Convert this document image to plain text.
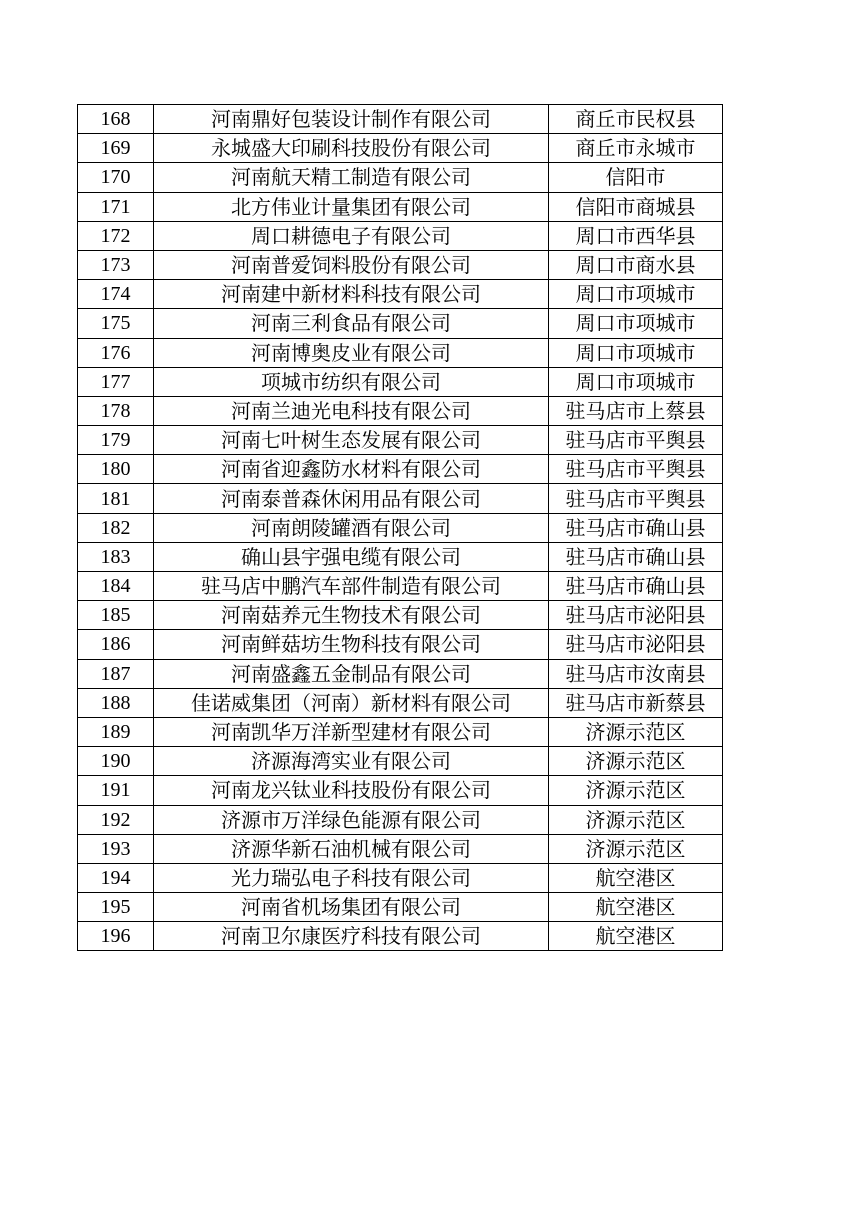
168	河南鼎好包装设计制作有限公司	商丘市民权县
169	永城盛大印刷科技股份有限公司	商丘市永城市
170	河南航天精工制造有限公司	信阳市
171	北方伟业计量集团有限公司	信阳市商城县
172	周口耕德电子有限公司	周口市西华县
173	河南普爱饲料股份有限公司	周口市商水县
174	河南建中新材料科技有限公司	周口市项城市
175	河南三利食品有限公司	周口市项城市
176	河南博奥皮业有限公司	周口市项城市
177	项城市纺织有限公司	周口市项城市
178	河南兰迪光电科技有限公司	驻马店市上蔡县
179	河南七叶树生态发展有限公司	驻马店市平舆县
180	河南省迎鑫防水材料有限公司	驻马店市平舆县
181	河南泰普森休闲用品有限公司	驻马店市平舆县
182	河南朗陵罐酒有限公司	驻马店市确山县
183	确山县宇强电缆有限公司	驻马店市确山县
184	驻马店中鹏汽车部件制造有限公司	驻马店市确山县
185	河南菇养元生物技术有限公司	驻马店市泌阳县
186	河南鲜菇坊生物科技有限公司	驻马店市泌阳县
187	河南盛鑫五金制品有限公司	驻马店市汝南县
188	佳诺威集团（河南）新材料有限公司	驻马店市新蔡县
189	河南凯华万洋新型建材有限公司	济源示范区
190	济源海湾实业有限公司	济源示范区
191	河南龙兴钛业科技股份有限公司	济源示范区
192	济源市万洋绿色能源有限公司	济源示范区
193	济源华新石油机械有限公司	济源示范区
194	光力瑞弘电子科技有限公司	航空港区
195	河南省机场集团有限公司	航空港区
196	河南卫尔康医疗科技有限公司	航空港区
